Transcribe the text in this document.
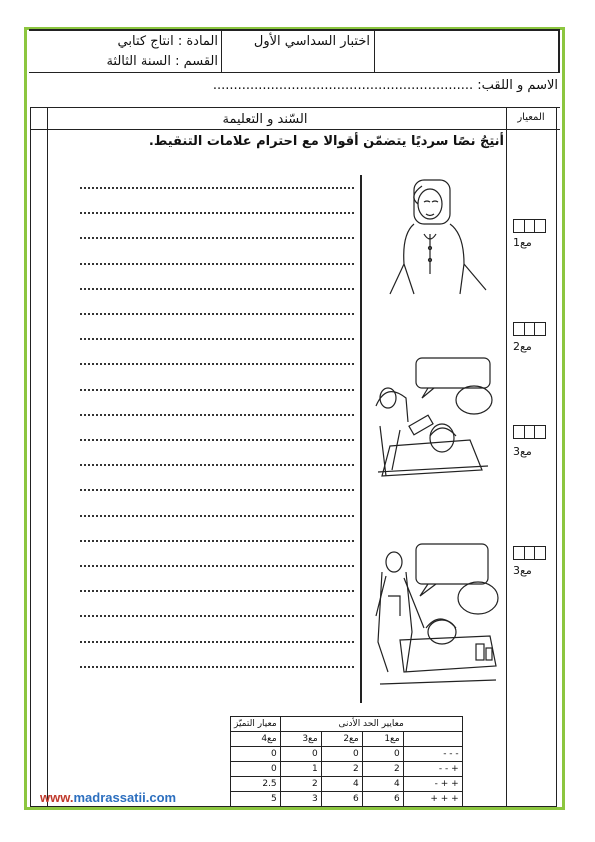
المادة : انتاج كتابي
القسم : السنة الثالثة
اختبار السداسي الأول
الاسم و اللقب: ...............................................................
السّند و التعليمة	المعيار
أنتِجُ نصًا سرديًا يتضمّن أقوالا مع احترام علامات التنقيط.
مع1
مع2
مع3
مع3
معايير الحد الأدنى				معيار التميّز
	مع1	مع2	مع3	مع4
- - -	0	0	0	0
+ - -	2	2	1	0
+ + -	4	4	2	2.5
+ + +	6	6	3	5
www.madrassatii.com
